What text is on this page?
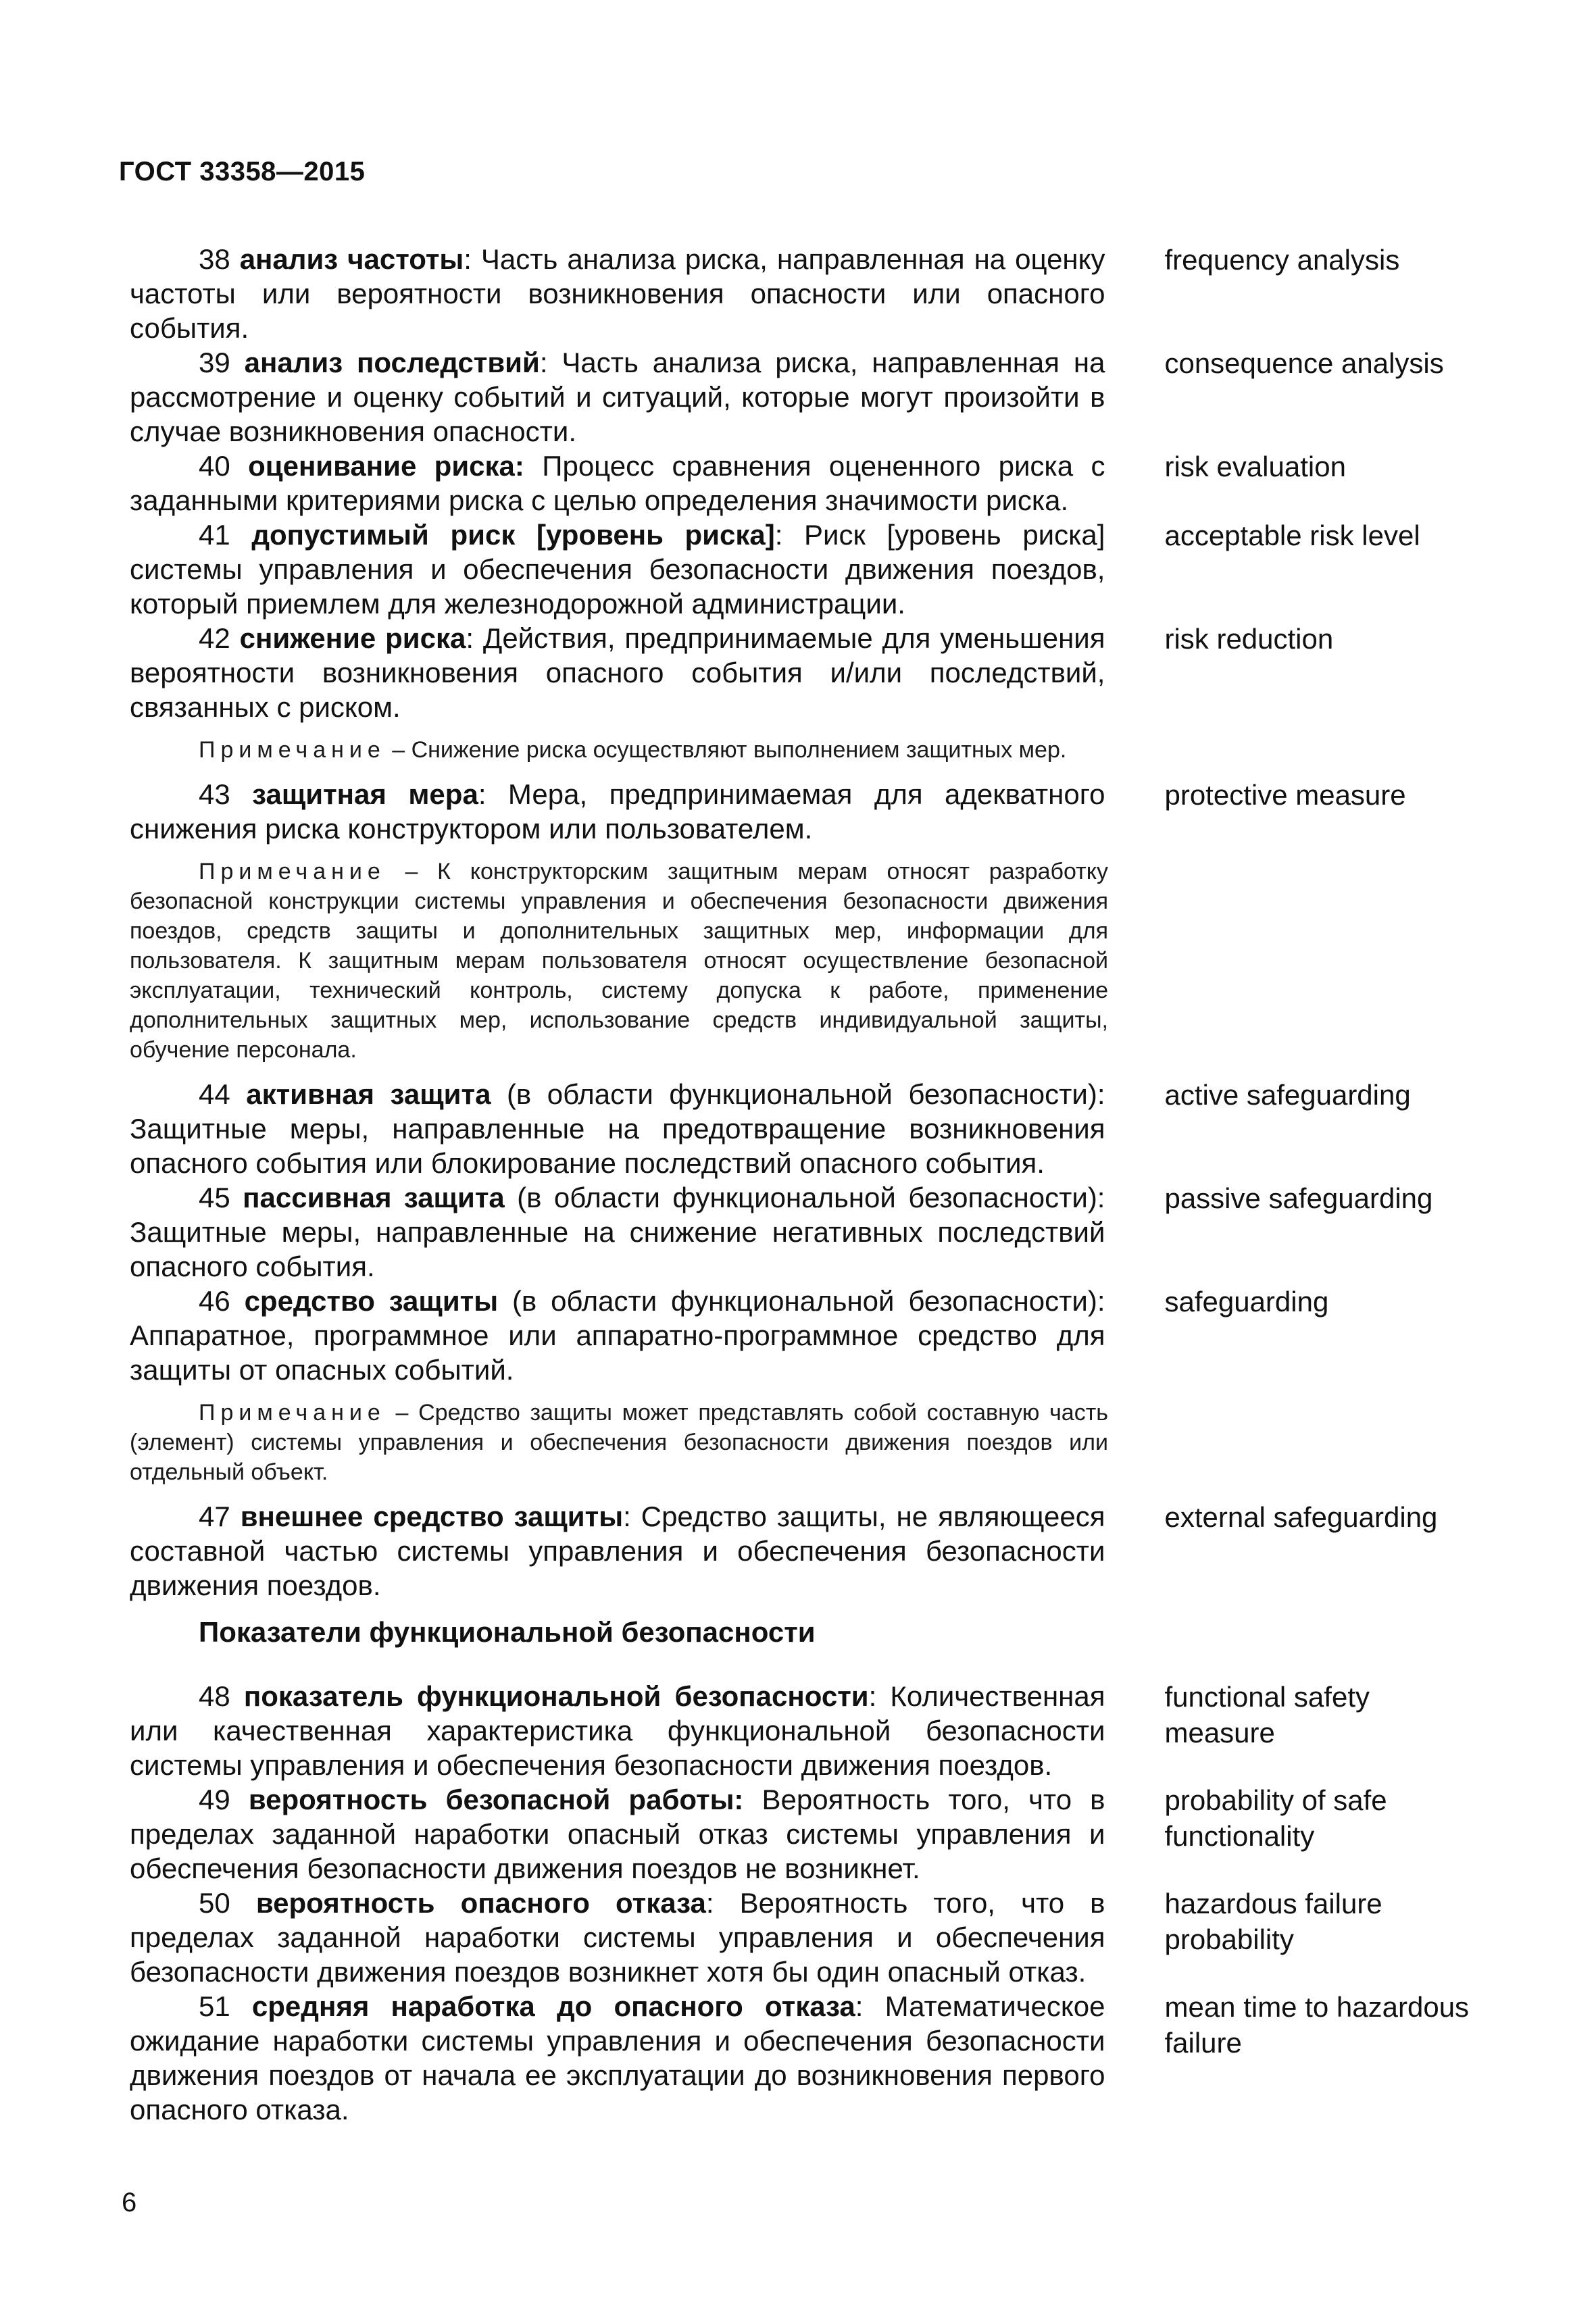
ГОСТ 33358—2015
38 анализ частоты: Часть анализа риска, направленная на оценку частоты или вероятности возникновения опасности или опасного события.
frequency analysis
39 анализ последствий: Часть анализа риска, направленная на рассмотрение и оценку событий и ситуаций, которые могут произойти в случае возникновения опасности.
consequence analysis
40 оценивание риска: Процесс сравнения оцененного риска с заданными критериями риска с целью определения значимости риска.
risk evaluation
41 допустимый риск [уровень риска]: Риск [уровень риска] системы управления и обеспечения безопасности движения поездов, который приемлем для железнодорожной администрации.
acceptable risk level
42 снижение риска: Действия, предпринимаемые для уменьшения вероятности возникновения опасного события и/или последствий, связанных с риском.
risk reduction
Примечание – Снижение риска осуществляют выполнением защитных мер.
43 защитная мера: Мера, предпринимаемая для адекватного снижения риска конструктором или пользователем.
protective measure
Примечание – К конструкторским защитным мерам относят разработку безопасной конструкции системы управления и обеспечения безопасности движения поездов, средств защиты и дополнительных защитных мер, информации для пользователя. К защитным мерам пользователя относят осуществление безопасной эксплуатации, технический контроль, систему допуска к работе, применение дополнительных защитных мер, использование средств индивидуальной защиты, обучение персонала.
44 активная защита (в области функциональной безопасности): Защитные меры, направленные на предотвращение возникновения опасного события или блокирование последствий опасного события.
active safeguarding
45 пассивная защита (в области функциональной безопасности): Защитные меры, направленные на снижение негативных последствий опасного события.
passive safeguarding
46 средство защиты (в области функциональной безопасности): Аппаратное, программное или аппаратно-программное средство для защиты от опасных событий.
safeguarding
Примечание – Средство защиты может представлять собой составную часть (элемент) системы управления и обеспечения безопасности движения поездов или отдельный объект.
47 внешнее средство защиты: Средство защиты, не являющееся составной частью системы управления и обеспечения безопасности движения поездов.
external safeguarding
Показатели функциональной безопасности
48 показатель функциональной безопасности: Количественная или качественная характеристика функциональной безопасности системы управления и обеспечения безопасности движения поездов.
functional safety measure
49 вероятность безопасной работы: Вероятность того, что в пределах заданной наработки опасный отказ системы управления и обеспечения безопасности движения поездов не возникнет.
probability of safe functionality
50 вероятность опасного отказа: Вероятность того, что в пределах заданной наработки системы управления и обеспечения безопасности движения поездов возникнет хотя бы один опасный отказ.
hazardous failure probability
51 средняя наработка до опасного отказа: Математическое ожидание наработки системы управления и обеспечения безопасности движения поездов от начала ее эксплуатации до возникновения первого опасного отказа.
mean time to hazardous failure
6
